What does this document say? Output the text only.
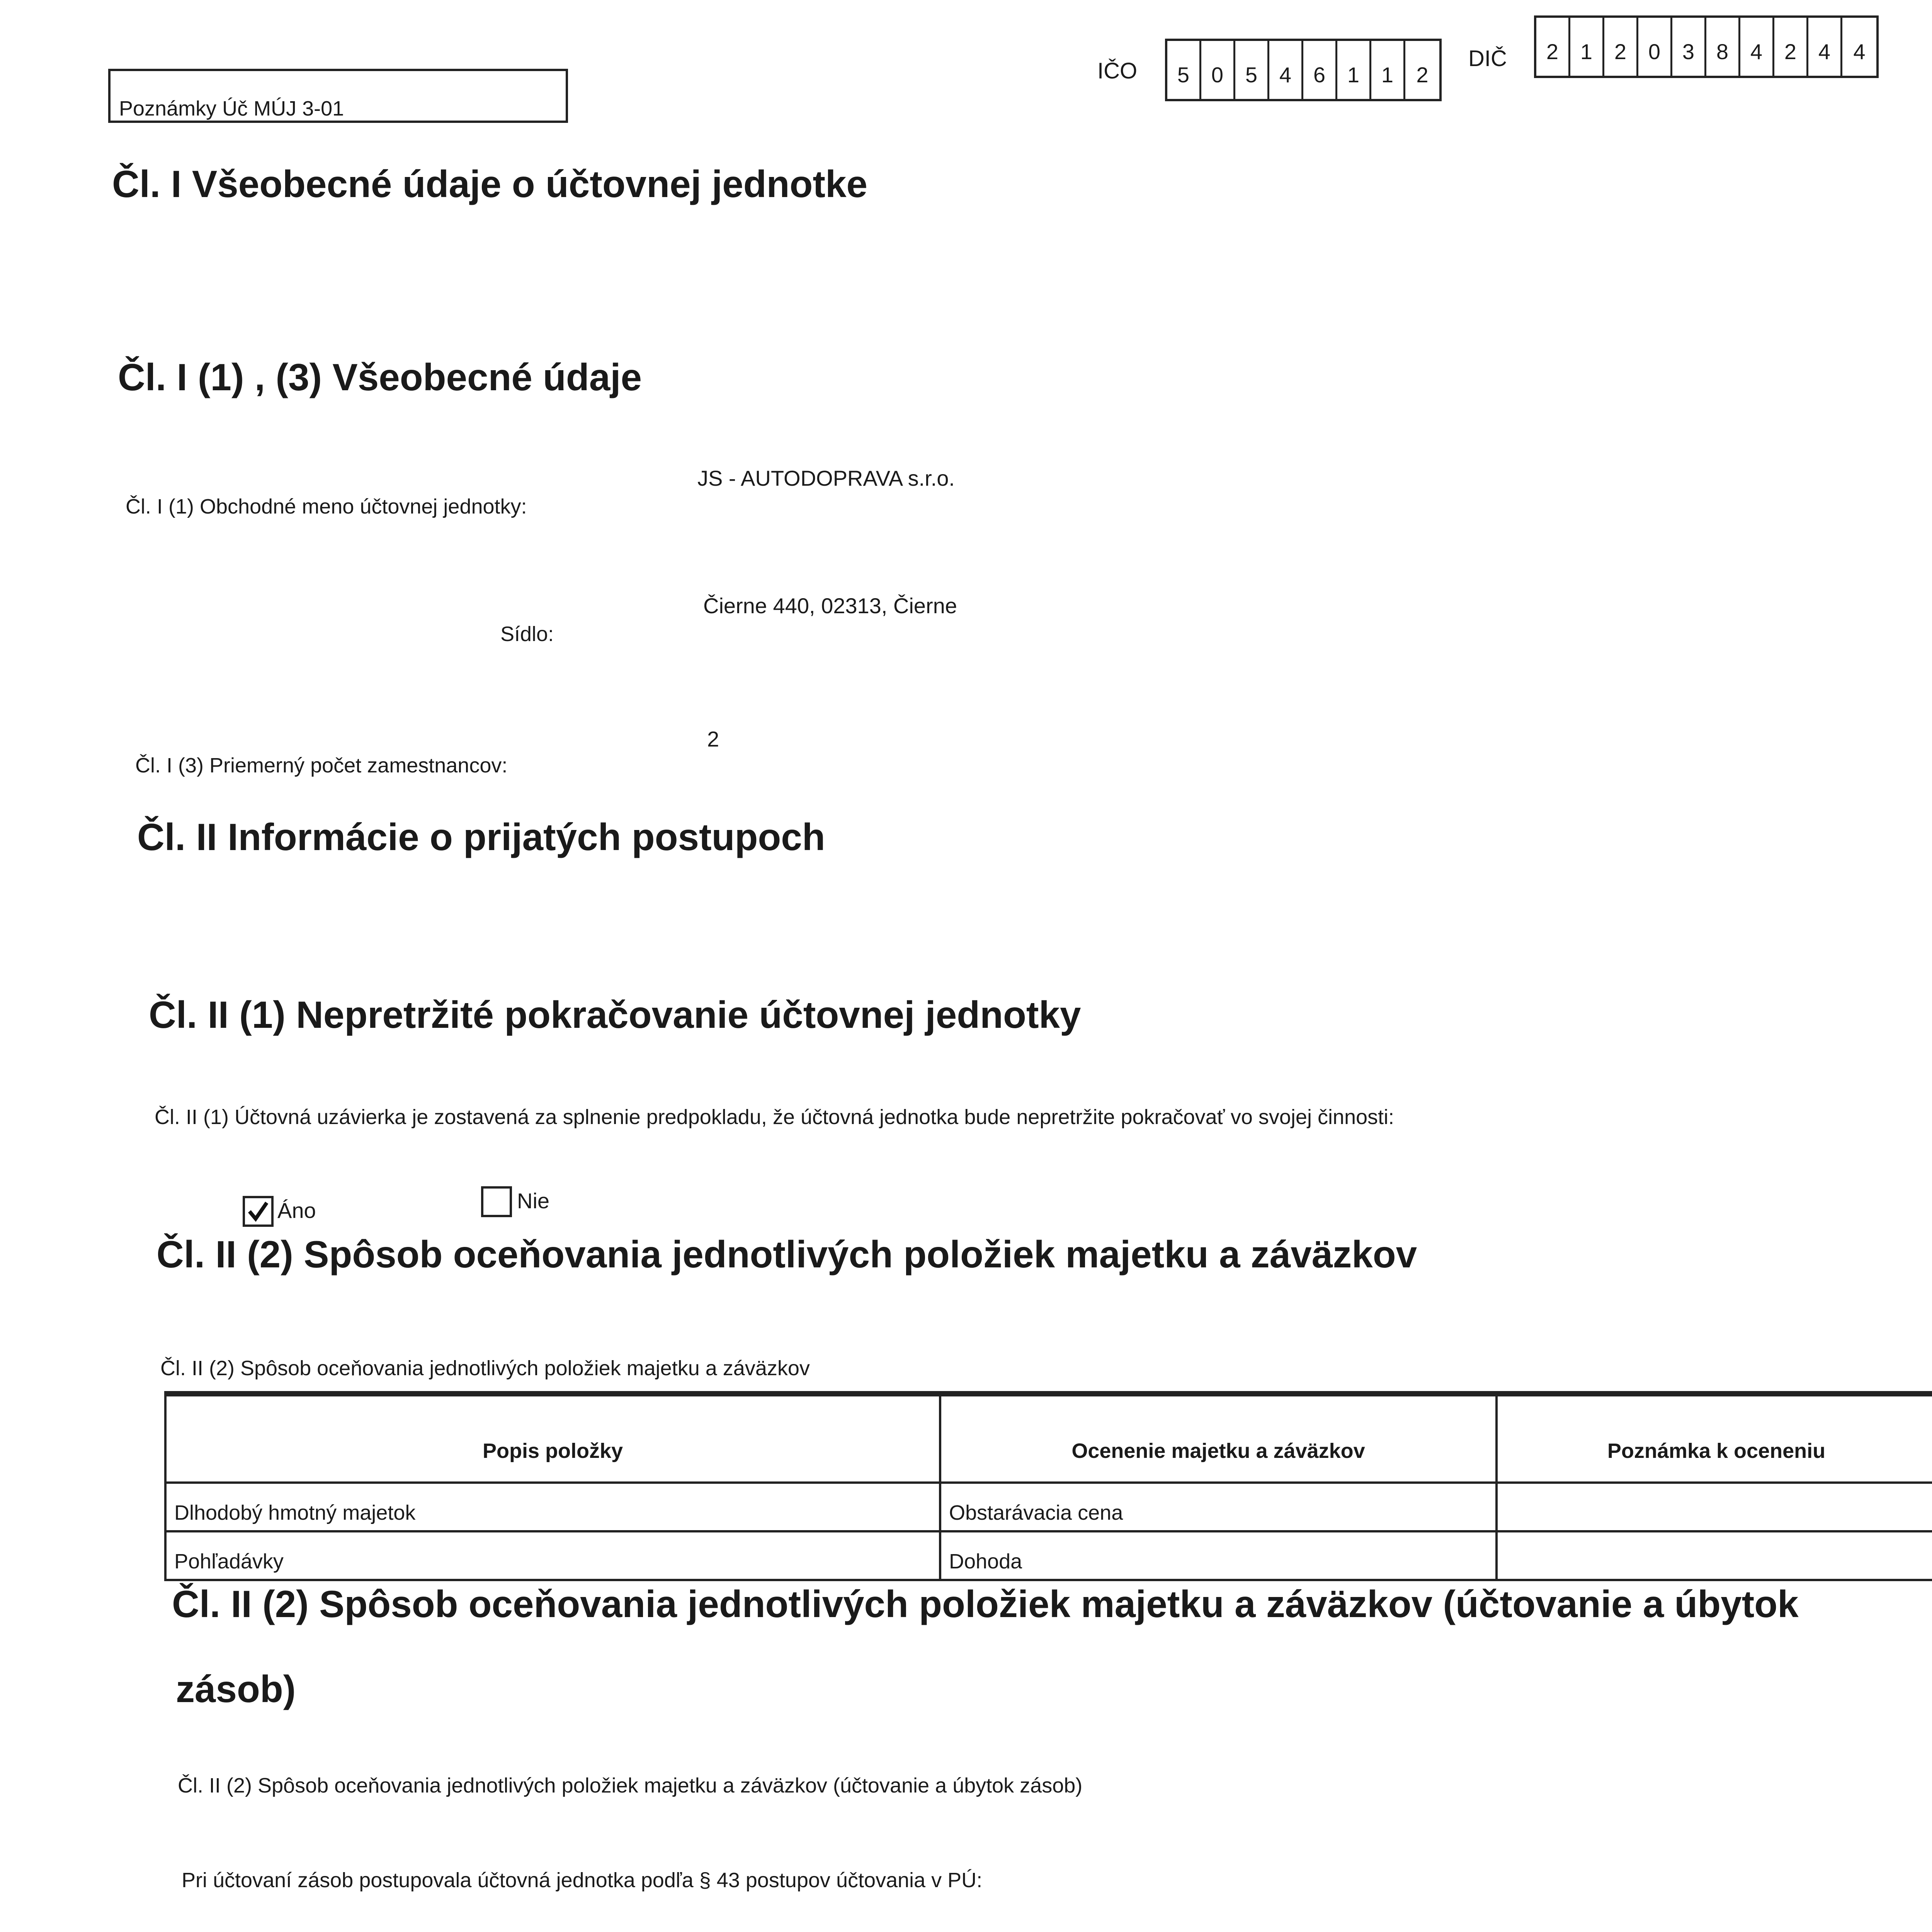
Poznámky Úč MÚJ 3-01
IČO	5	0	5	4	6	1	1	2
DIČ	2	1	2	0	3	8	4	2	4	4
Čl. I Všeobecné údaje o účtovnej jednotke
Čl. I (1) , (3) Všeobecné údaje
Čl. I (1) Obchodné meno účtovnej jednotky:
JS - AUTODOPRAVA s.r.o.
Sídlo:
Čierne 440, 02313, Čierne
Čl. I (3) Priemerný počet zamestnancov:
2
Čl. II Informácie o prijatých postupoch
Čl. II (1) Nepretržité pokračovanie účtovnej jednotky
Čl. II (1) Účtovná uzávierka je zostavená za splnenie predpokladu, že účtovná jednotka bude nepretržite pokračovať vo svojej činnosti:
Áno	Nie
Čl. II (2) Spôsob oceňovania jednotlivých položiek majetku a záväzkov
Čl. II (2) Spôsob oceňovania jednotlivých položiek majetku a záväzkov
Popis položky	Ocenenie majetku a záväzkov	Poznámka k oceneniu
Dlhodobý hmotný majetok	Obstarávacia cena
Pohľadávky	Dohoda
Čl. II (2) Spôsob oceňovania jednotlivých položiek majetku a záväzkov (účtovanie a úbytok
zásob)
Čl. II (2) Spôsob oceňovania jednotlivých položiek majetku a záväzkov (účtovanie a úbytok zásob)
Pri účtovaní zásob postupovala účtovná jednotka podľa § 43 postupov účtovania v PÚ:
